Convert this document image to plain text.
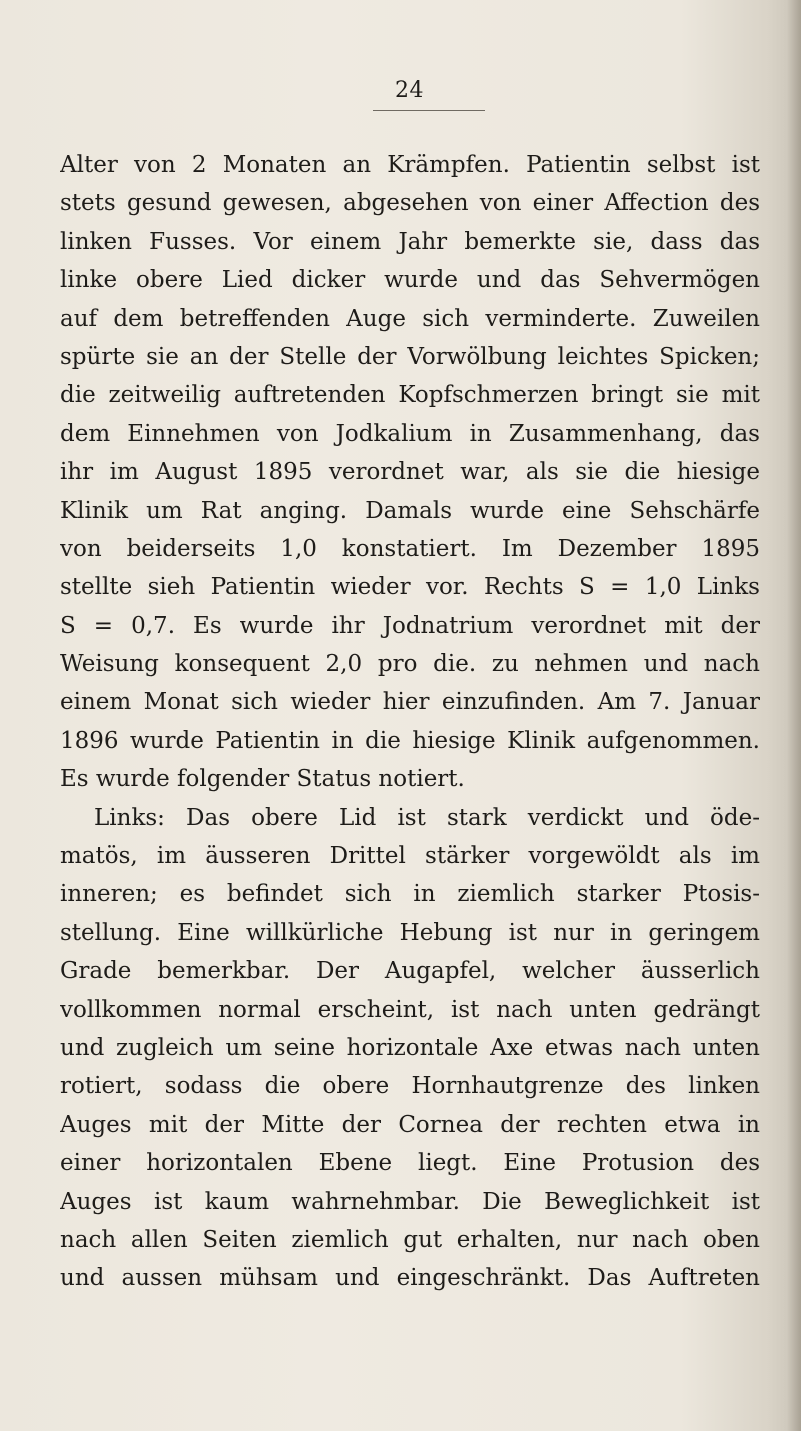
24
Alter von 2 Monaten an Krämpfen. Patientin selbst ist
stets gesund gewesen, abgesehen von einer Affection des
linken Fusses. Vor einem Jahr bemerkte sie, dass das
linke obere Lied dicker wurde und das Sehvermögen
auf dem betreffenden Auge sich verminderte. Zuweilen
spürte sie an der Stelle der Vorwölbung leichtes Spicken;
die zeitweilig auftretenden Kopfschmerzen bringt sie mit
dem Einnehmen von Jodkalium in Zusammenhang, das
ihr im August 1895 verordnet war, als sie die hiesige
Klinik um Rat anging. Damals wurde eine Sehschärfe
von beiderseits 1,0 konstatiert. Im Dezember 1895
stellte sieh Patientin wieder vor. Rechts S = 1,0 Links
S = 0,7. Es wurde ihr Jodnatrium verordnet mit der
Weisung konsequent 2,0 pro die. zu nehmen und nach
einem Monat sich wieder hier einzufinden. Am 7. Januar
1896 wurde Patientin in die hiesige Klinik aufgenommen.
Es wurde folgender Status notiert.
Links: Das obere Lid ist stark verdickt und öde-
matös, im äusseren Drittel stärker vorgewöldt als im
inneren; es befindet sich in ziemlich starker Ptosis-
stellung. Eine willkürliche Hebung ist nur in geringem
Grade bemerkbar. Der Augapfel, welcher äusserlich
vollkommen normal erscheint, ist nach unten gedrängt
und zugleich um seine horizontale Axe etwas nach unten
rotiert, sodass die obere Hornhautgrenze des linken
Auges mit der Mitte der Cornea der rechten etwa in
einer horizontalen Ebene liegt. Eine Protusion des
Auges ist kaum wahrnehmbar. Die Beweglichkeit ist
nach allen Seiten ziemlich gut erhalten, nur nach oben
und aussen mühsam und eingeschränkt. Das Auftreten
